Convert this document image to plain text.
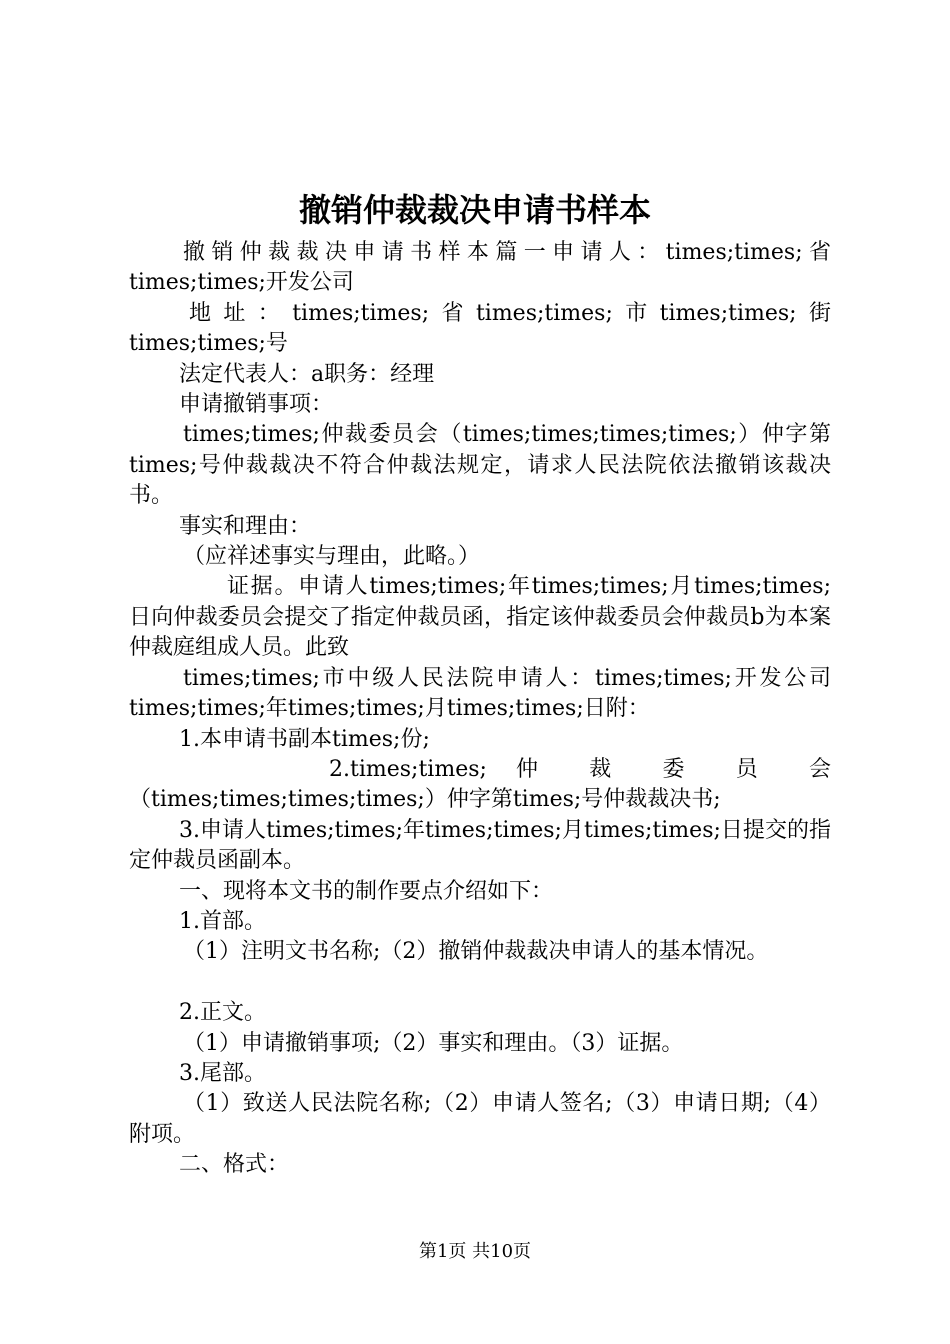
撤销仲裁裁决申请书样本

撤销仲裁裁决申请书样本篇一申请人：times;times;省times;times;开发公司

地址：times;times;省times;times;市times;times;街times;times;号

法定代表人：a职务：经理

申请撤销事项：

times;times;仲裁委员会（times;times;times;times;）仲字第times;号仲裁裁决不符合仲裁法规定，请求人民法院依法撤销该裁决书。

事实和理由：

（应祥述事实与理由，此略。）

证据。申请人times;times;年times;times;月times;times;日向仲裁委员会提交了指定仲裁员函，指定该仲裁委员会仲裁员b为本案仲裁庭组成人员。此致

times;times;市中级人民法院申请人：times;times;开发公司times;times;年times;times;月times;times;日附：

1.本申请书副本times;份;

2.times;times; 仲 裁 委 员 会

（times;times;times;times;）仲字第times;号仲裁裁决书;

3.申请人times;times;年times;times;月times;times;日提交的指定仲裁员函副本。

一、现将本文书的制作要点介绍如下：

1.首部。

（1）注明文书名称;（2）撤销仲裁裁决申请人的基本情况。

2.正文。

（1）申请撤销事项;（2）事实和理由。（3）证据。

3.尾部。

（1）致送人民法院名称;（2）申请人签名;（3）申请日期;（4）附项。

二、格式：

第1页 共10页
